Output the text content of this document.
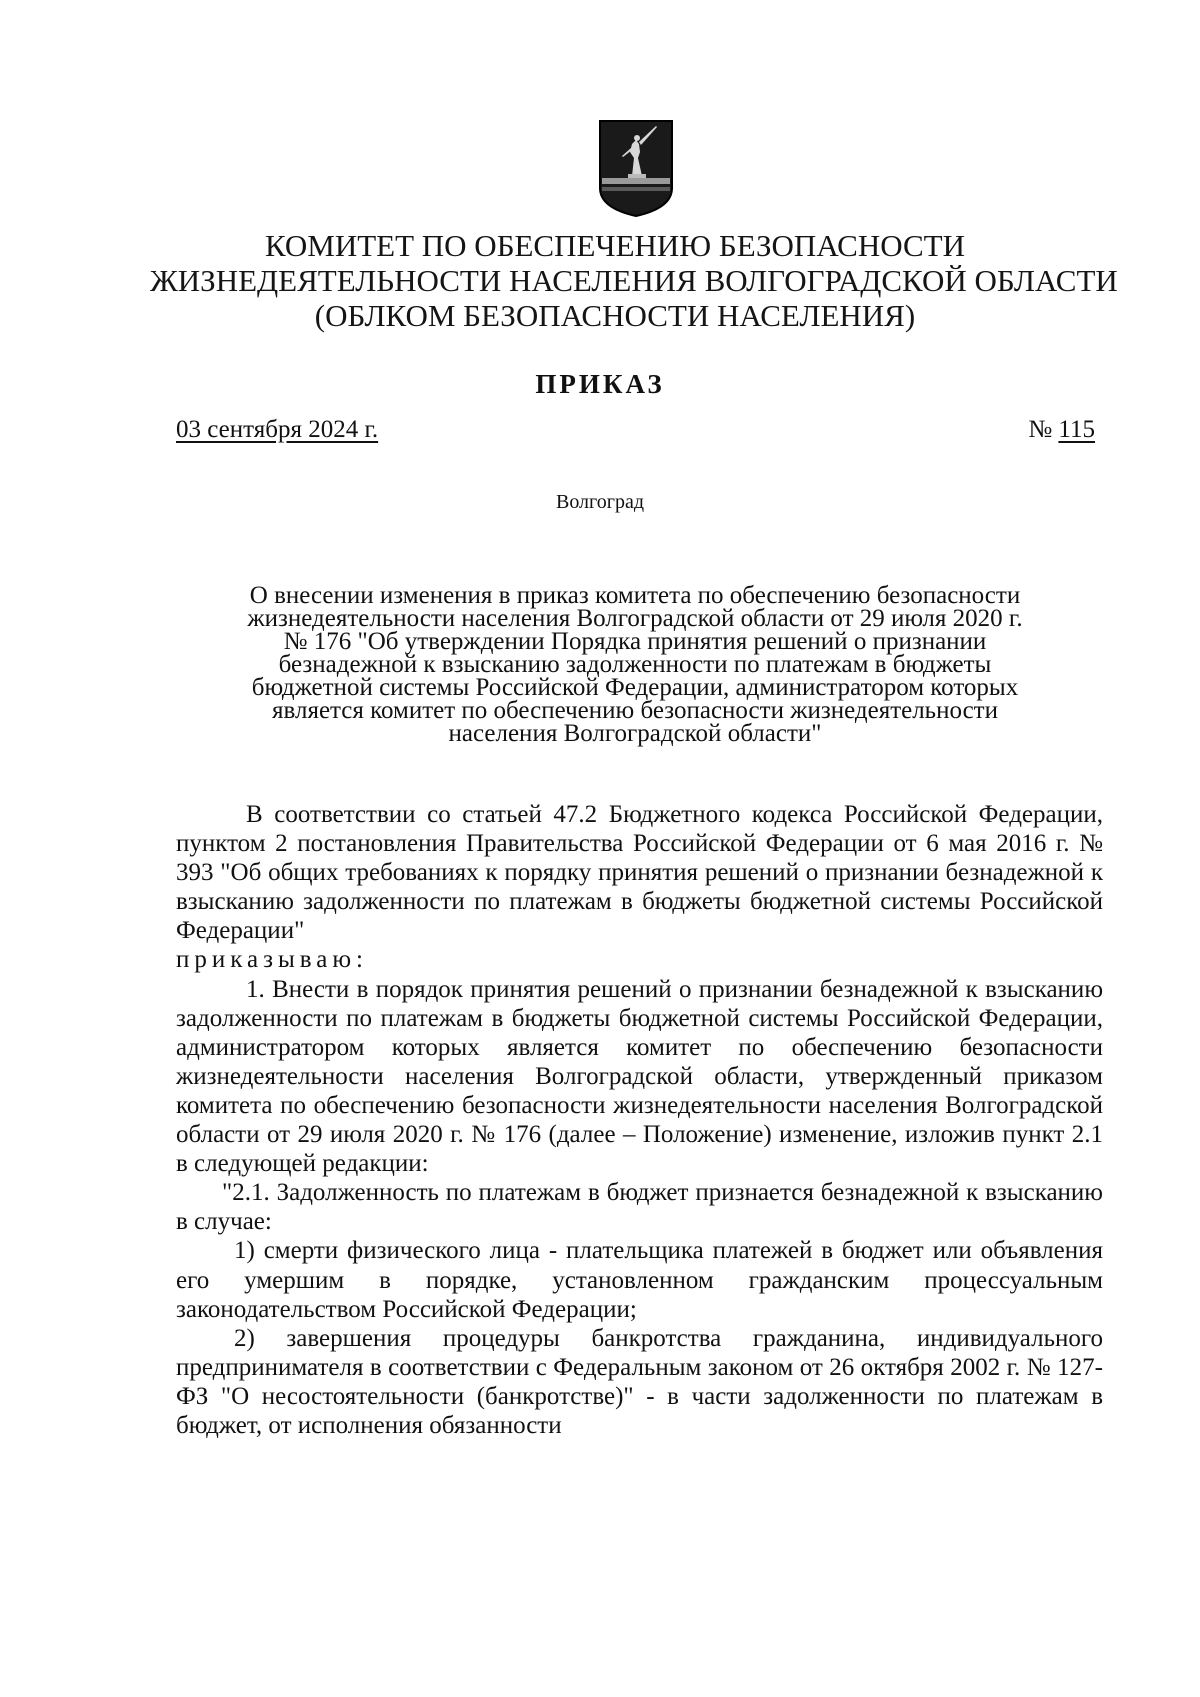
КОМИТЕТ ПО ОБЕСПЕЧЕНИЮ БЕЗОПАСНОСТИ
ЖИЗНЕДЕЯТЕЛЬНОСТИ НАСЕЛЕНИЯ ВОЛГОГРАДСКОЙ ОБЛАСТИ
(ОБЛКОМ БЕЗОПАСНОСТИ НАСЕЛЕНИЯ)
ПРИКАЗ
03 сентября 2024 г.	№ 115
Волгоград
О внесении изменения в приказ комитета по обеспечению безопасности
жизнедеятельности населения Волгоградской области от 29 июля 2020 г.
№ 176 "Об утверждении Порядка принятия решений о признании
безнадежной к взысканию задолженности по платежам в бюджеты
бюджетной системы Российской Федерации, администратором которых
является комитет по обеспечению безопасности жизнедеятельности
населения Волгоградской области"

В соответствии со статьей 47.2 Бюджетного кодекса Российской Федерации, пунктом 2 постановления Правительства Российской Федерации от 6 мая 2016 г. № 393 "Об общих требованиях к порядку принятия решений о признании безнадежной к взысканию задолженности по платежам в бюджеты бюджетной системы Российской Федерации"

приказываю:

1. Внести в порядок принятия решений о признании безнадежной к взысканию задолженности по платежам в бюджеты бюджетной системы Российской Федерации, администратором которых является комитет по обеспечению безопасности жизнедеятельности населения Волгоградской области, утвержденный приказом комитета по обеспечению безопасности жизнедеятельности населения Волгоградской области от 29 июля 2020 г. № 176 (далее – Положение) изменение, изложив пункт 2.1 в следующей редакции:

"2.1. Задолженность по платежам в бюджет признается безнадежной к взысканию в случае:

1) смерти физического лица - плательщика платежей в бюджет или объявления его умершим в порядке, установленном гражданским процессуальным законодательством Российской Федерации;

2) завершения процедуры банкротства гражданина, индивидуального предпринимателя в соответствии с Федеральным законом от 26 октября 2002 г. № 127-ФЗ "О несостоятельности (банкротстве)" - в части задолженности по платежам в бюджет, от исполнения обязанности
